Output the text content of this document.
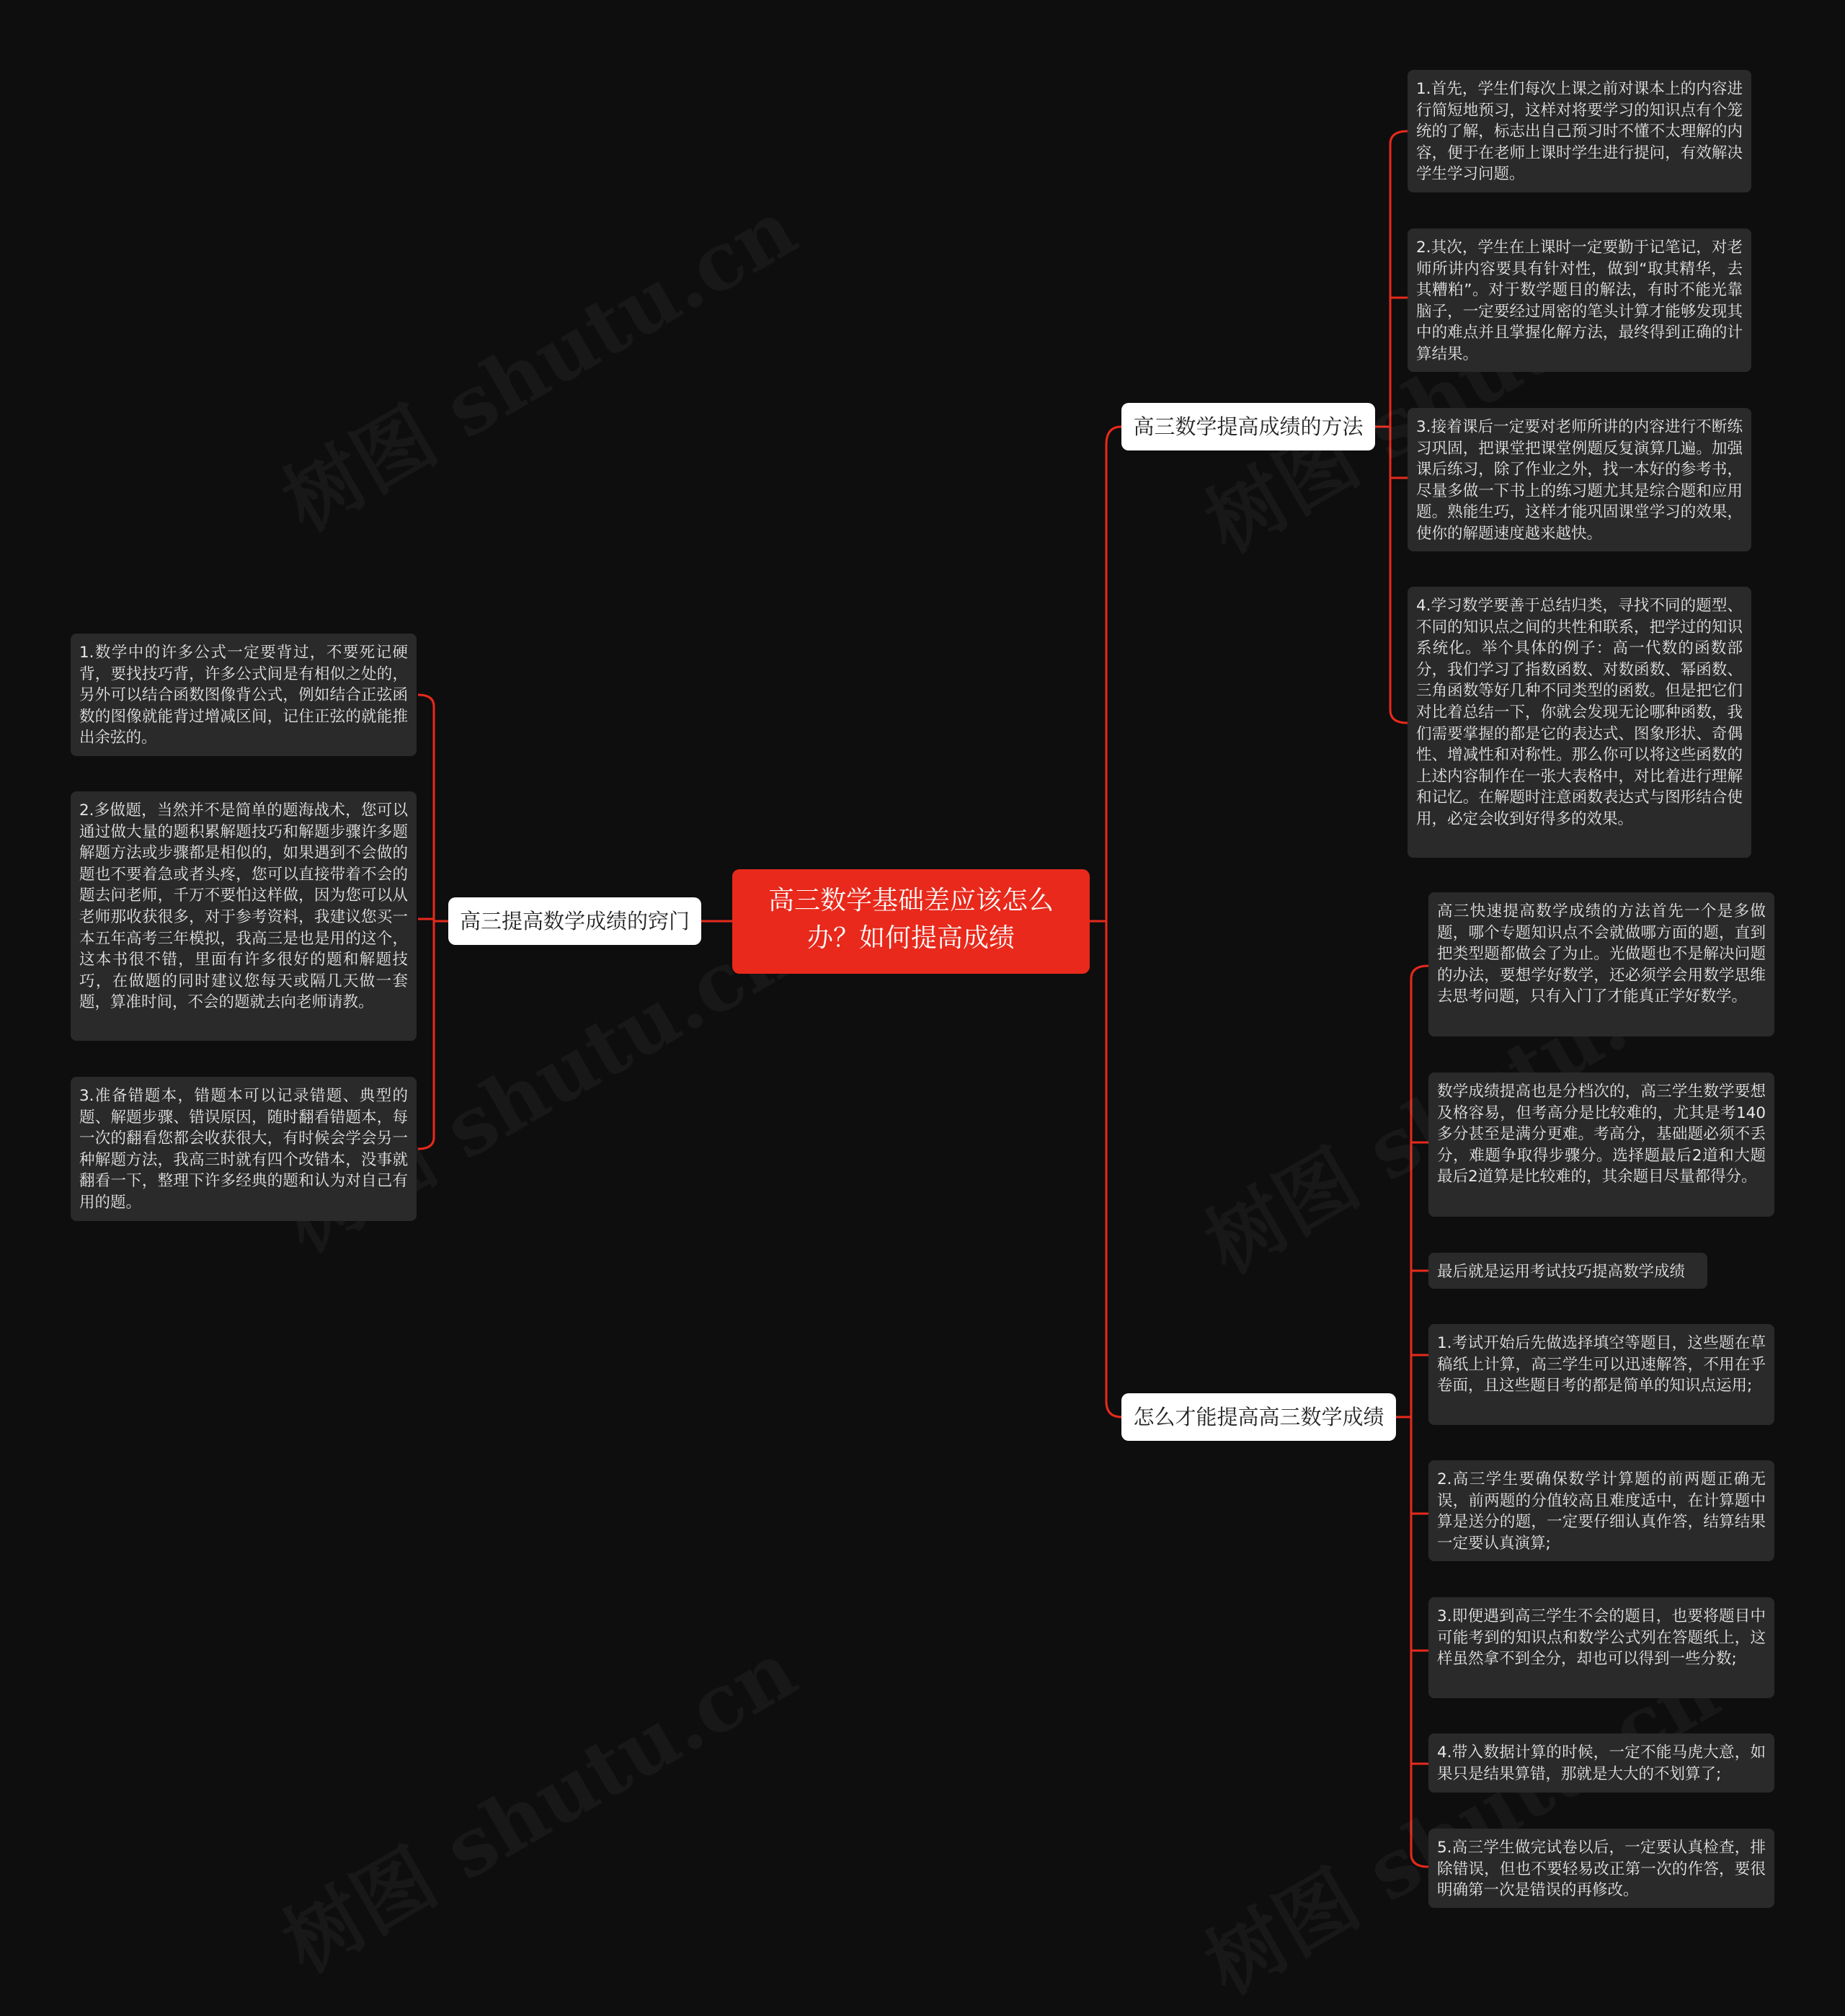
高三数学基础差应该怎么办？如何提高成绩
高三提高数学成绩的窍门
1.数学中的许多公式一定要背过，不要死记硬背，要找技巧背，许多公式间是有相似之处的，另外可以结合函数图像背公式，例如结合正弦函数的图像就能背过增减区间，记住正弦的就能推出余弦的。
2.多做题，当然并不是简单的题海战术，您可以通过做大量的题积累解题技巧和解题步骤许多题解题方法或步骤都是相似的，如果遇到不会做的题也不要着急或者头疼，您可以直接带着不会的题去问老师，千万不要怕这样做，因为您可以从老师那收获很多，对于参考资料，我建议您买一本五年高考三年模拟，我高三是也是用的这个，这本书很不错，里面有许多很好的题和解题技巧，在做题的同时建议您每天或隔几天做一套题，算准时间，不会的题就去向老师请教。
3.准备错题本，错题本可以记录错题、典型的题、解题步骤、错误原因，随时翻看错题本，每一次的翻看您都会收获很大，有时候会学会另一种解题方法，我高三时就有四个改错本，没事就翻看一下，整理下许多经典的题和认为对自己有用的题。
高三数学提高成绩的方法
1.首先，学生们每次上课之前对课本上的内容进行简短地预习，这样对将要学习的知识点有个笼统的了解，标志出自己预习时不懂不太理解的内容，便于在老师上课时学生进行提问，有效解决学生学习问题。
2.其次，学生在上课时一定要勤于记笔记，对老师所讲内容要具有针对性，做到“取其精华，去其糟粕”。对于数学题目的解法，有时不能光靠脑子，一定要经过周密的笔头计算才能够发现其中的难点并且掌握化解方法，最终得到正确的计算结果。
3.接着课后一定要对老师所讲的内容进行不断练习巩固，把课堂把课堂例题反复演算几遍。加强课后练习，除了作业之外，找一本好的参考书，尽量多做一下书上的练习题尤其是综合题和应用题。熟能生巧，这样才能巩固课堂学习的效果，使你的解题速度越来越快。
4.学习数学要善于总结归类，寻找不同的题型、不同的知识点之间的共性和联系，把学过的知识系统化。举个具体的例子：高一代数的函数部分，我们学习了指数函数、对数函数、幂函数、三角函数等好几种不同类型的函数。但是把它们对比着总结一下，你就会发现无论哪种函数，我们需要掌握的都是它的表达式、图象形状、奇偶性、增减性和对称性。那么你可以将这些函数的上述内容制作在一张大表格中，对比着进行理解和记忆。在解题时注意函数表达式与图形结合使用，必定会收到好得多的效果。
怎么才能提高高三数学成绩
高三快速提高数学成绩的方法首先一个是多做题，哪个专题知识点不会就做哪方面的题，直到把类型题都做会了为止。光做题也不是解决问题的办法，要想学好数学，还必须学会用数学思维去思考问题，只有入门了才能真正学好数学。
数学成绩提高也是分档次的，高三学生数学要想及格容易，但考高分是比较难的，尤其是考140多分甚至是满分更难。考高分，基础题必须不丢分，难题争取得步骤分。选择题最后2道和大题最后2道算是比较难的，其余题目尽量都得分。
最后就是运用考试技巧提高数学成绩
1.考试开始后先做选择填空等题目，这些题在草稿纸上计算，高三学生可以迅速解答，不用在乎卷面，且这些题目考的都是简单的知识点运用;
2.高三学生要确保数学计算题的前两题正确无误，前两题的分值较高且难度适中，在计算题中算是送分的题，一定要仔细认真作答，结算结果一定要认真演算;
3.即便遇到高三学生不会的题目，也要将题目中可能考到的知识点和数学公式列在答题纸上，这样虽然拿不到全分，却也可以得到一些分数;
4.带入数据计算的时候，一定不能马虎大意，如果只是结果算错，那就是大大的不划算了;
5.高三学生做完试卷以后，一定要认真检查，排除错误，但也不要轻易改正第一次的作答，要很明确第一次是错误的再修改。
